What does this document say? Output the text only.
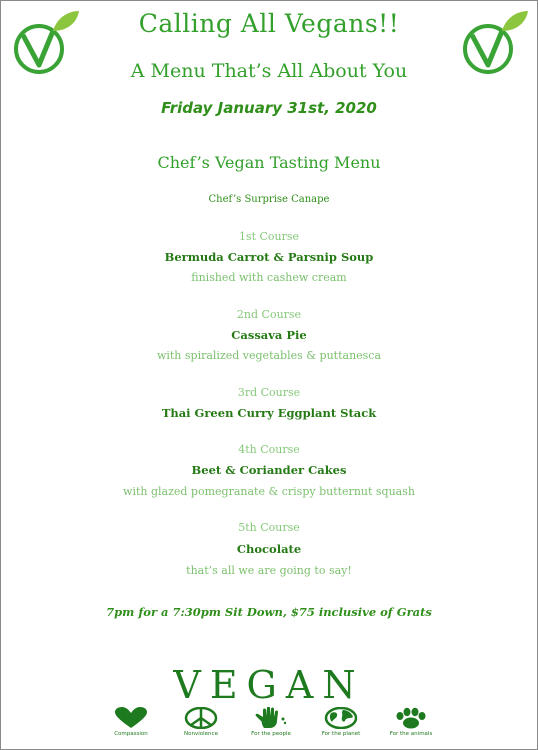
Calling All Vegans!!
A Menu That’s All About You
Friday January 31st, 2020
Chef’s Vegan Tasting Menu
Chef’s Surprise Canape
1st Course
Bermuda Carrot & Parsnip Soup
finished with cashew cream
2nd Course
Cassava Pie
with spiralized vegetables & puttanesca
3rd Course
Thai Green Curry Eggplant Stack
4th Course
Beet & Coriander Cakes
with glazed pomegranate & crispy butternut squash
5th Course
Chocolate
that’s all we are going to say!
7pm for a 7:30pm Sit Down, $75 inclusive of Grats
VEGAN
Compassion	Nonviolence	For the people	For the planet	For the animals
